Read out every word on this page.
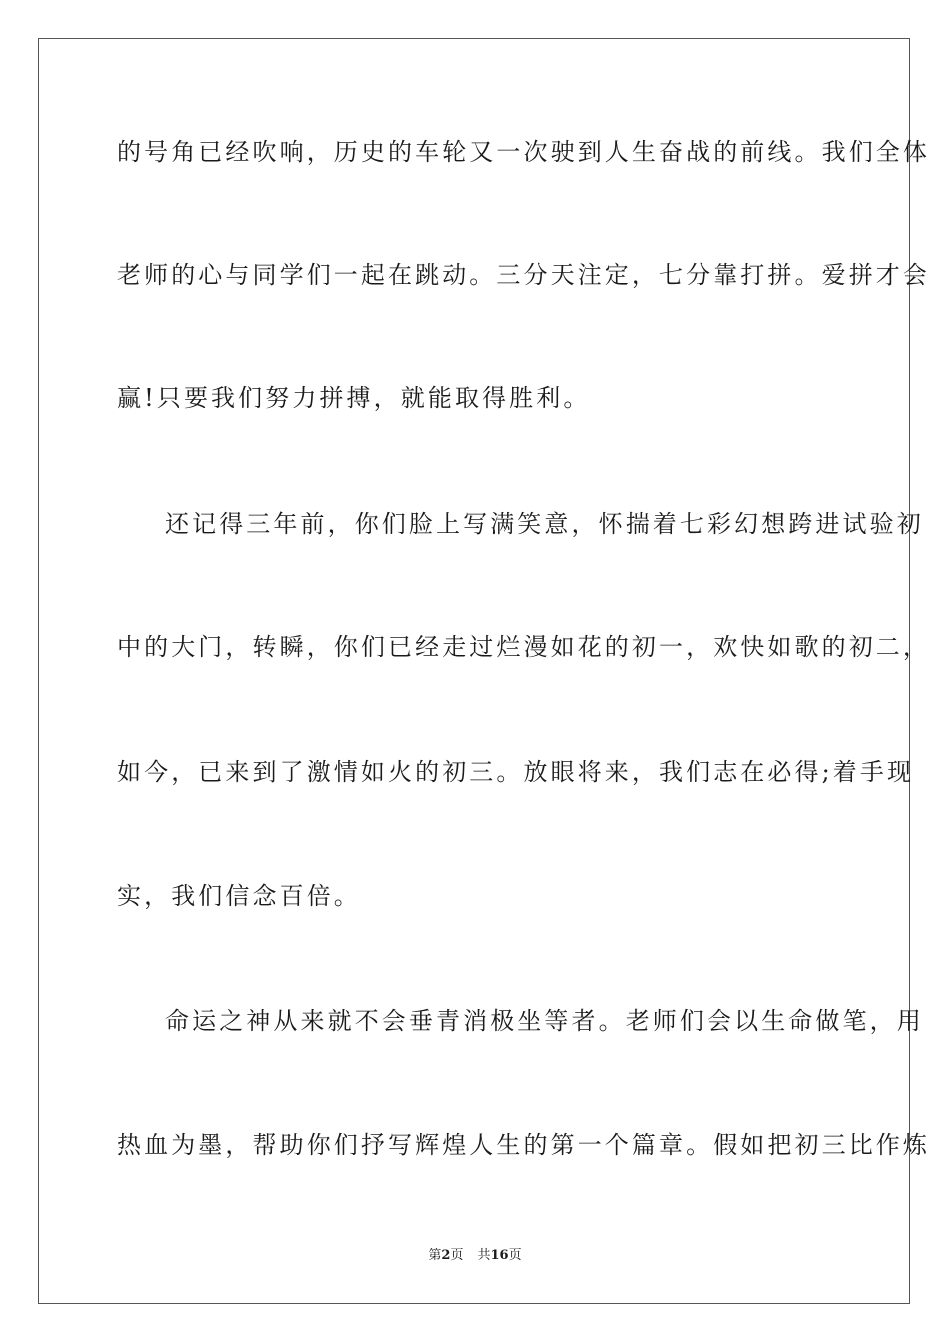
的号角已经吹响，历史的车轮又一次驶到人生奋战的前线。我们全体
老师的心与同学们一起在跳动。三分天注定，七分靠打拼。爱拼才会
赢!只要我们努力拼搏，就能取得胜利。
还记得三年前，你们脸上写满笑意，怀揣着七彩幻想跨进试验初
中的大门，转瞬，你们已经走过烂漫如花的初一，欢快如歌的初二，
如今，已来到了激情如火的初三。放眼将来，我们志在必得;着手现
实，我们信念百倍。
命运之神从来就不会垂青消极坐等者。老师们会以生命做笔，用
热血为墨，帮助你们抒写辉煌人生的第一个篇章。假如把初三比作炼
第2页 共16页
